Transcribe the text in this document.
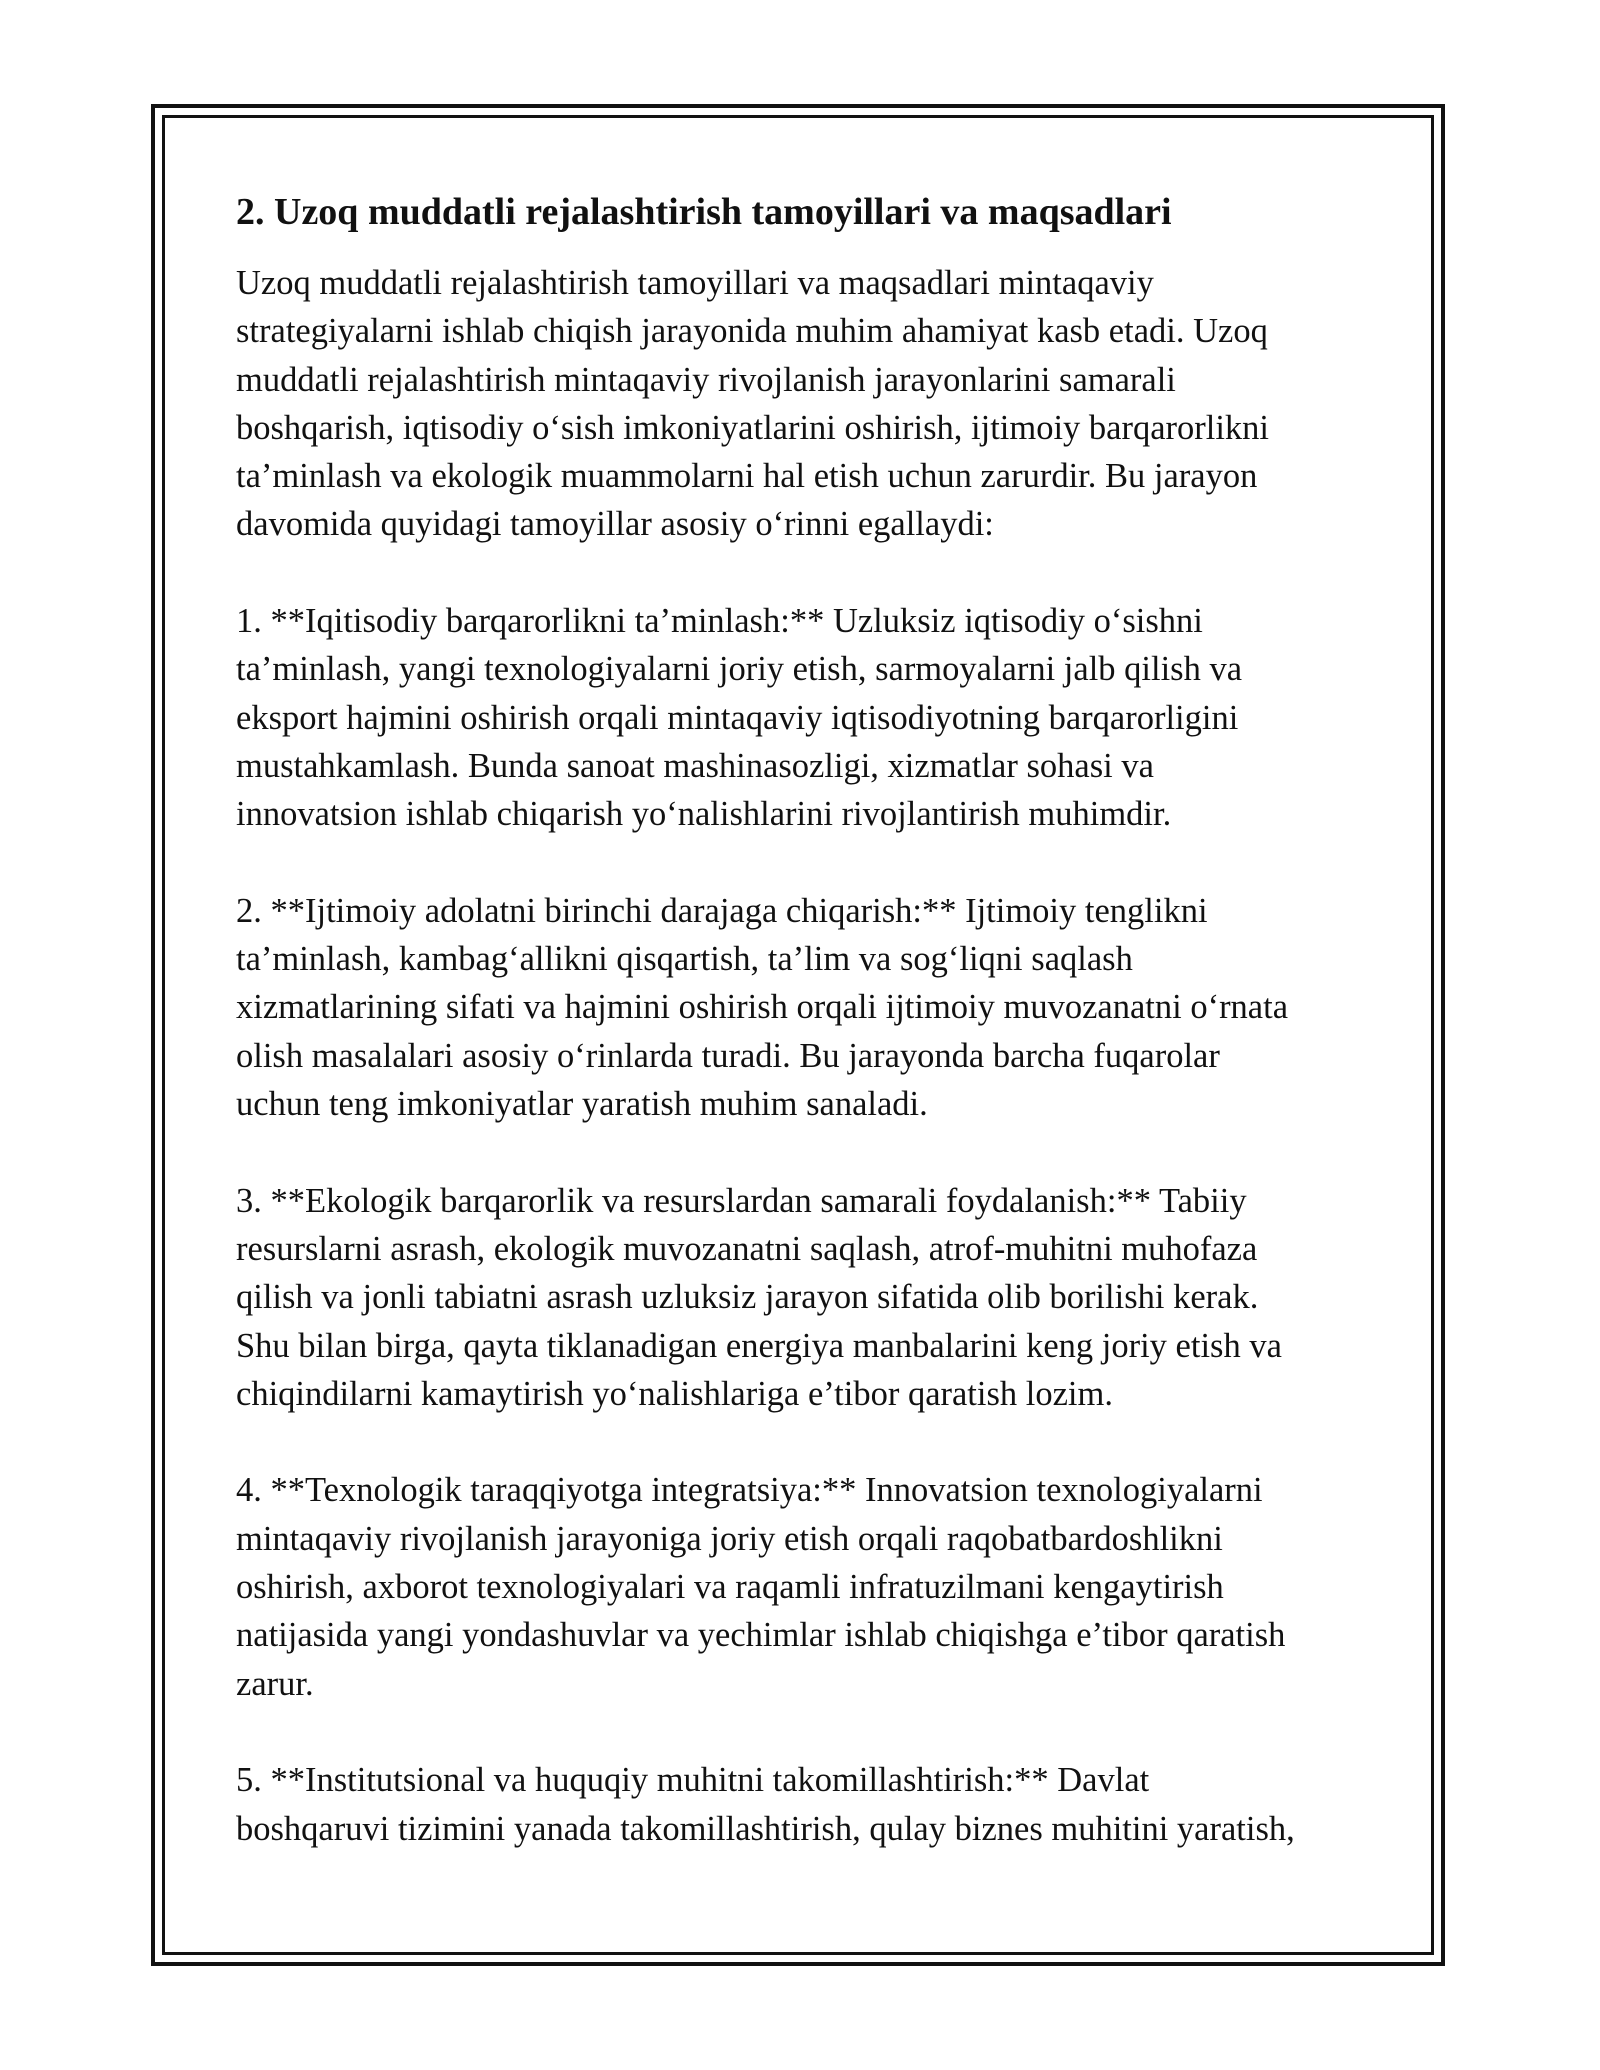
2. Uzoq muddatli rejalashtirish tamoyillari va maqsadlari

Uzoq muddatli rejalashtirish tamoyillari va maqsadlari mintaqaviy
strategiyalarni ishlab chiqish jarayonida muhim ahamiyat kasb etadi. Uzoq
muddatli rejalashtirish mintaqaviy rivojlanish jarayonlarini samarali
boshqarish, iqtisodiy o‘sish imkoniyatlarini oshirish, ijtimoiy barqarorlikni
ta’minlash va ekologik muammolarni hal etish uchun zarurdir. Bu jarayon
davomida quyidagi tamoyillar asosiy o‘rinni egallaydi:

1. **Iqitisodiy barqarorlikni ta’minlash:** Uzluksiz iqtisodiy o‘sishni
ta’minlash, yangi texnologiyalarni joriy etish, sarmoyalarni jalb qilish va
eksport hajmini oshirish orqali mintaqaviy iqtisodiyotning barqarorligini
mustahkamlash. Bunda sanoat mashinasozligi, xizmatlar sohasi va
innovatsion ishlab chiqarish yo‘nalishlarini rivojlantirish muhimdir.

2. **Ijtimoiy adolatni birinchi darajaga chiqarish:** Ijtimoiy tenglikni
ta’minlash, kambag‘allikni qisqartish, ta’lim va sog‘liqni saqlash
xizmatlarining sifati va hajmini oshirish orqali ijtimoiy muvozanatni o‘rnata
olish masalalari asosiy o‘rinlarda turadi. Bu jarayonda barcha fuqarolar
uchun teng imkoniyatlar yaratish muhim sanaladi.

3. **Ekologik barqarorlik va resurslardan samarali foydalanish:** Tabiiy
resurslarni asrash, ekologik muvozanatni saqlash, atrof-muhitni muhofaza
qilish va jonli tabiatni asrash uzluksiz jarayon sifatida olib borilishi kerak.
Shu bilan birga, qayta tiklanadigan energiya manbalarini keng joriy etish va
chiqindilarni kamaytirish yo‘nalishlariga e’tibor qaratish lozim.

4. **Texnologik taraqqiyotga integratsiya:** Innovatsion texnologiyalarni
mintaqaviy rivojlanish jarayoniga joriy etish orqali raqobatbardoshlikni
oshirish, axborot texnologiyalari va raqamli infratuzilmani kengaytirish
natijasida yangi yondashuvlar va yechimlar ishlab chiqishga e’tibor qaratish
zarur.

5. **Institutsional va huquqiy muhitni takomillashtirish:** Davlat
boshqaruvi tizimini yanada takomillashtirish, qulay biznes muhitini yaratish,
